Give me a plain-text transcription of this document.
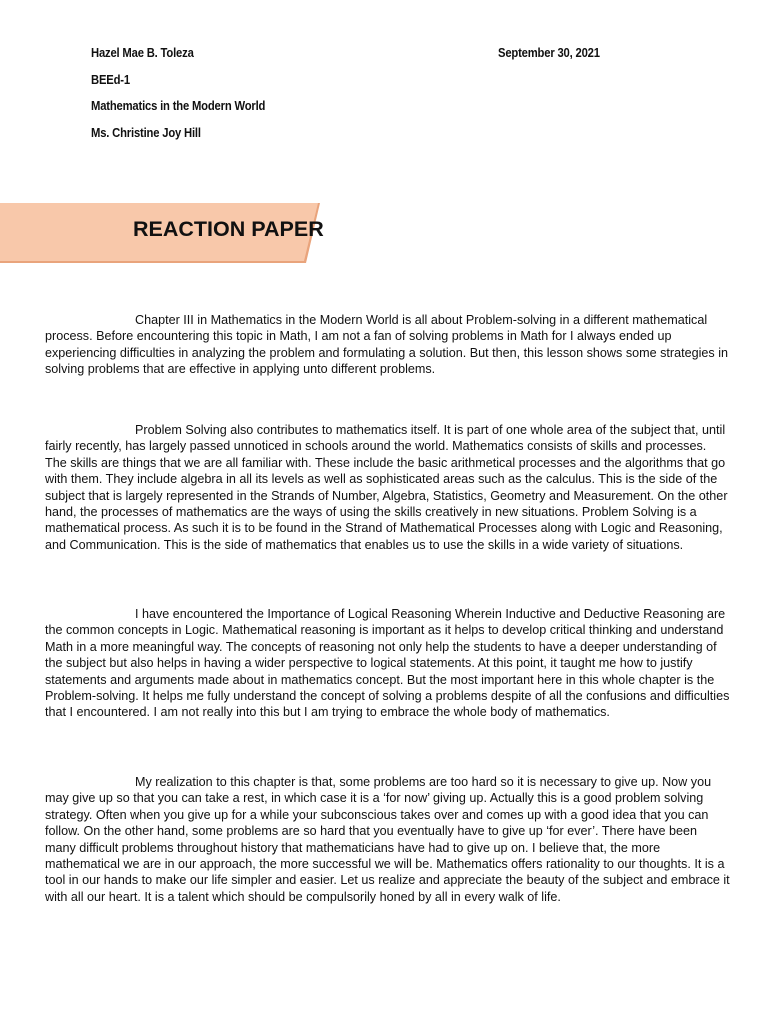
Hazel Mae B. Toleza	September 30, 2021
BEEd-1
Mathematics in the Modern World
Ms. Christine Joy Hill
REACTION PAPER

Chapter III in Mathematics in the Modern World is all about Problem-solving in a different mathematical process. Before encountering this topic in Math, I am not a fan of solving problems in Math for I always ended up experiencing difficulties in analyzing the problem and formulating a solution. But then, this lesson shows some strategies in solving problems that are effective in applying unto different problems.

Problem Solving also contributes to mathematics itself. It is part of one whole area of the subject that, until fairly recently, has largely passed unnoticed in schools around the world. Mathematics consists of skills and processes. The skills are things that we are all familiar with. These include the basic arithmetical processes and the algorithms that go with them. They include algebra in all its levels as well as sophisticated areas such as the calculus. This is the side of the subject that is largely represented in the Strands of Number, Algebra, Statistics, Geometry and Measurement. On the other hand, the processes of mathematics are the ways of using the skills creatively in new situations. Problem Solving is a mathematical process. As such it is to be found in the Strand of Mathematical Processes along with Logic and Reasoning, and Communication. This is the side of mathematics that enables us to use the skills in a wide variety of situations.

I have encountered the Importance of Logical Reasoning Wherein Inductive and Deductive Reasoning are the common concepts in Logic. Mathematical reasoning is important as it helps to develop critical thinking and understand Math in a more meaningful way. The concepts of reasoning not only help the students to have a deeper understanding of the subject but also helps in having a wider perspective to logical statements. At this point, it taught me how to justify statements and arguments made about in mathematics concept. But the most important here in this whole chapter is the Problem-solving. It helps me fully understand the concept of solving a problems despite of all the confusions and difficulties that I encountered. I am not really into this but I am trying to embrace the whole body of mathematics.

My realization to this chapter is that, some problems are too hard so it is necessary to give up. Now you may give up so that you can take a rest, in which case it is a ‘for now’ giving up. Actually this is a good problem solving strategy. Often when you give up for a while your subconscious takes over and comes up with a good idea that you can follow. On the other hand, some problems are so hard that you eventually have to give up ‘for ever’. There have been many difficult problems throughout history that mathematicians have had to give up on. I believe that, the more mathematical we are in our approach, the more successful we will be. Mathematics offers rationality to our thoughts. It is a tool in our hands to make our life simpler and easier. Let us realize and appreciate the beauty of the subject and embrace it with all our heart. It is a talent which should be compulsorily honed by all in every walk of life.
